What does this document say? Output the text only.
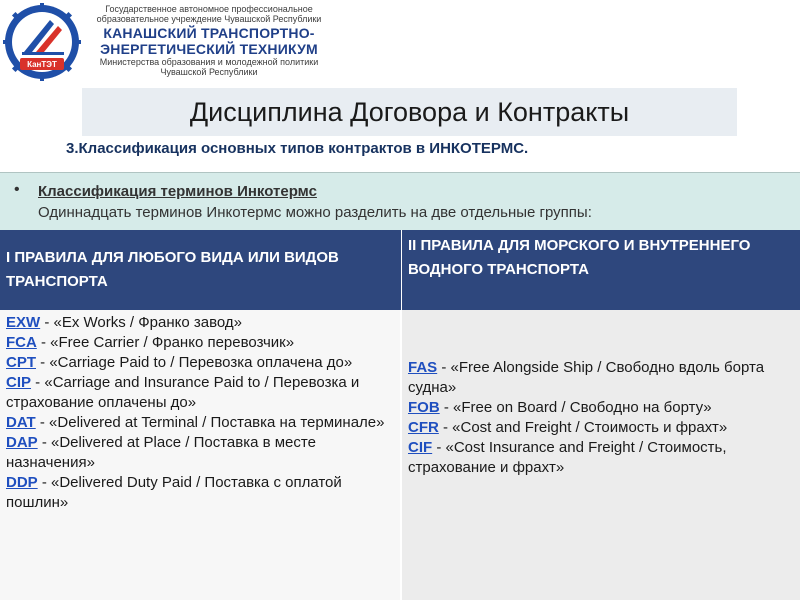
КанТЭТ
Государственное автономное профессиональное
образовательное учреждение Чувашской Республики
КАНАШСКИЙ ТРАНСПОРТНО-
ЭНЕРГЕТИЧЕСКИЙ ТЕХНИКУМ
Министерства образования и молодежной политики
Чувашской Республики
Дисциплина Договора и Контракты
3.Классификация основных типов контрактов в ИНКОТЕРМС.
• Классификация терминов Инкотермс
Одиннадцать терминов Инкотермс можно разделить на две отдельные группы:
I ПРАВИЛА ДЛЯ ЛЮБОГО ВИДА ИЛИ ВИДОВ ТРАНСПОРТА
II ПРАВИЛА ДЛЯ МОРСКОГО И ВНУТРЕННЕГО ВОДНОГО ТРАНСПОРТА

EXW - «Ex Works / Франко завод»

FCA - «Free Carrier / Франко перевозчик»

CPT - «Carriage Paid to / Перевозка оплачена до»

CIP - «Carriage and Insurance Paid to / Перевозка и страхование оплачены до»

DAT - «Delivered at Terminal / Поставка на терминале»

DAP - «Delivered at Place / Поставка в месте назначения»

DDP - «Delivered Duty Paid / Поставка с оплатой пошлин»

FAS - «Free Alongside Ship / Свободно вдоль борта судна»

FOB - «Free on Board / Свободно на борту»

CFR - «Cost and Freight / Стоимость и фрахт»

CIF - «Cost Insurance and Freight / Стоимость, страхование и фрахт»
